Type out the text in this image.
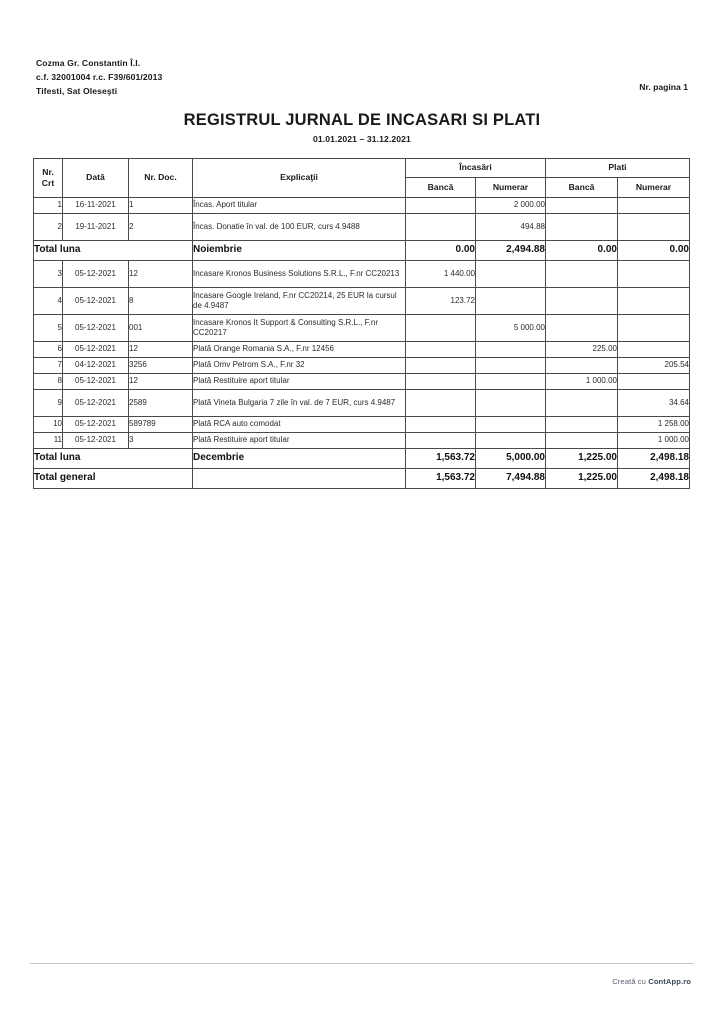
Cozma Gr. Constantin Î.I.
c.f. 32001004 r.c. F39/601/2013
Tifesti, Sat Oleseşti	Nr. pagina 1
REGISTRUL JURNAL DE INCASARI SI PLATI
01.01.2021 – 31.12.2021
Nr.
Crt	Dată	Nr. Doc.	Explicaţii	Încasări		Plati	
				Bancă	Numerar	Bancă	Numerar
1	16-11-2021	1	Încas. Aport titular		2 000.00		
2	19-11-2021	2	Încas. Donatie în val. de 100 EUR, curs 4.9488		494.88		
Total luna			Noiembrie	0.00	2,494.88	0.00	0.00
3	05-12-2021	12	Incasare Kronos Business Solutions S.R.L., F.nr CC20213	1 440.00			
4	05-12-2021	8	Incasare Google Ireland, F.nr CC20214, 25 EUR la cursul de 4.9487	123.72			
5	05-12-2021	001	Incasare Kronos It Support & Consulting S.R.L., F.nr CC20217		5 000.00		
6	05-12-2021	12	Plată Orange Romania S.A., F.nr 12456			225.00	
7	04-12-2021	3256	Plată Omv Petrom S.A., F.nr 32				205.54
8	05-12-2021	12	Plată Restituire aport titular			1 000.00	
9	05-12-2021	2589	Plată Vineta Bulgaria 7 zile în val. de 7 EUR, curs 4.9487				34.64
10	05-12-2021	589789	Plată RCA auto comodat				1 258.00
11	05-12-2021	3	Plată Restituire aport titular				1 000.00
Total luna			Decembrie	1,563.72	5,000.00	1,225.00	2,498.18
Total general				1,563.72	7,494.88	1,225.00	2,498.18
Creată cu ContApp.ro
